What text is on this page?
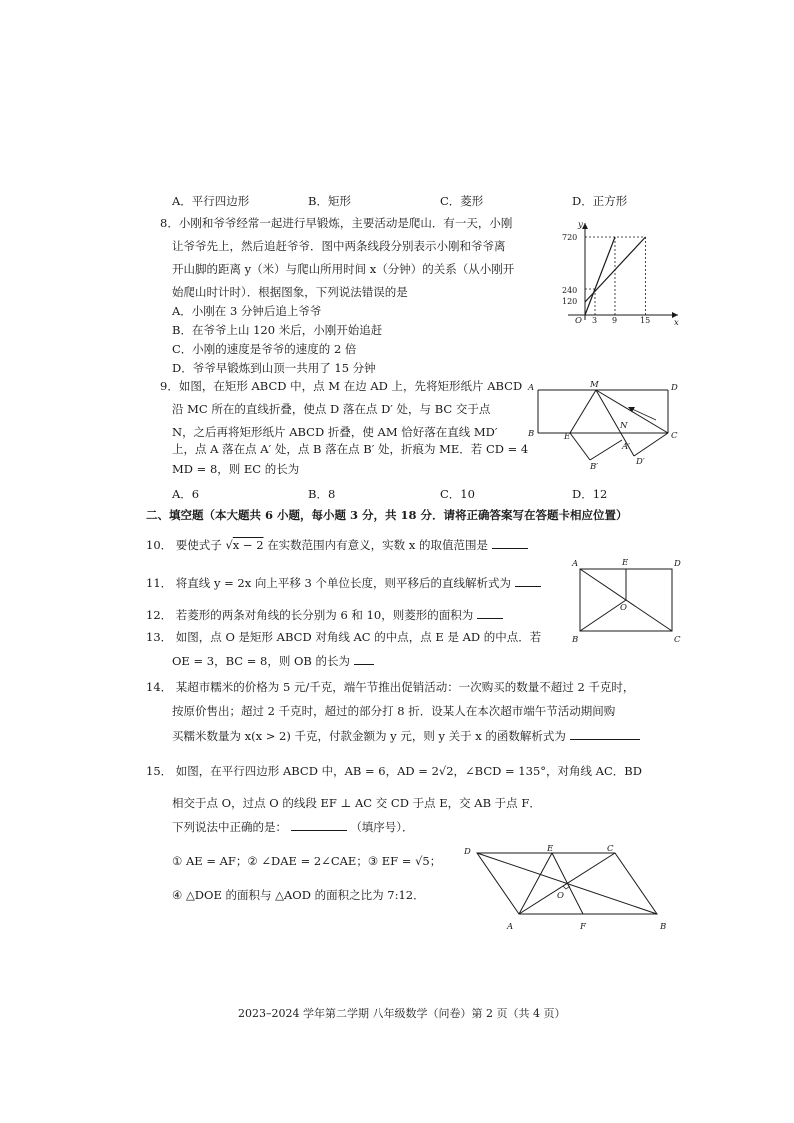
A．平行四边形	B．矩形	C．菱形	D．正方形
8．小刚和爷爷经常一起进行早锻炼，主要活动是爬山．有一天，小刚
让爷爷先上，然后追赶爷爷．图中两条线段分别表示小刚和爷爷离
开山脚的距离 y（米）与爬山所用时间 x（分钟）的关系（从小刚开
始爬山时计时）．根据图象，下列说法错误的是
A．小刚在 3 分钟后追上爷爷
B．在爷爷上山 120 米后，小刚开始追赶
C．小刚的速度是爷爷的速度的 2 倍
D．爷爷早锻炼到山顶一共用了 15 分钟
y
x
720
240
120
O 3 9	15
9．如图，在矩形 ABCD 中，点 M 在边 AD 上，先将矩形纸片 ABCD
沿 MC 所在的直线折叠，使点 D 落在点 D′ 处，与 BC 交于点
N，之后再将矩形纸片 ABCD 折叠，使 AM 恰好落在直线 MD′
上，点 A 落在点 A′ 处，点 B 落在点 B′ 处，折痕为 ME．若 CD = 4
MD = 8，则 EC 的长为
A．6	B．8	C．10	D．12
A	M	D
B	E
N
C
A′
B′	D′
二、填空题（本大题共 6 小题，每小题 3 分，共 18 分．请将正确答案写在答题卡相应位置）
10． 要使式子 √x − 2 在实数范围内有意义，实数 x 的取值范围是
11． 将直线 y = 2x 向上平移 3 个单位长度，则平移后的直线解析式为
12． 若菱形的两条对角线的长分别为 6 和 10，则菱形的面积为
13． 如图，点 O 是矩形 ABCD 对角线 AC 的中点，点 E 是 AD 的中点．若
OE = 3，BC = 8，则 OB 的长为
A	E	D
O
B	C
14． 某超市糯米的价格为 5 元/千克，端午节推出促销活动：一次购买的数量不超过 2 千克时，
按原价售出；超过 2 千克时，超过的部分打 8 折．设某人在本次超市端午节活动期间购
买糯米数量为 x(x > 2) 千克，付款金额为 y 元，则 y 关于 x 的函数解析式为
15． 如图，在平行四边形 ABCD 中，AB = 6，AD = 2√2，∠BCD = 135°，对角线 AC．BD
相交于点 O，过点 O 的线段 EF ⊥ AC 交 CD 于点 E，交 AB 于点 F．
下列说法中正确的是：	（填序号）．
① AE = AF；② ∠DAE = 2∠CAE；③ EF = √5；
④ △DOE 的面积与 △AOD 的面积之比为 7:12．
D	E	C
O
A	F	B
2023–2024 学年第二学期 八年级数学（问卷）第 2 页（共 4 页）
